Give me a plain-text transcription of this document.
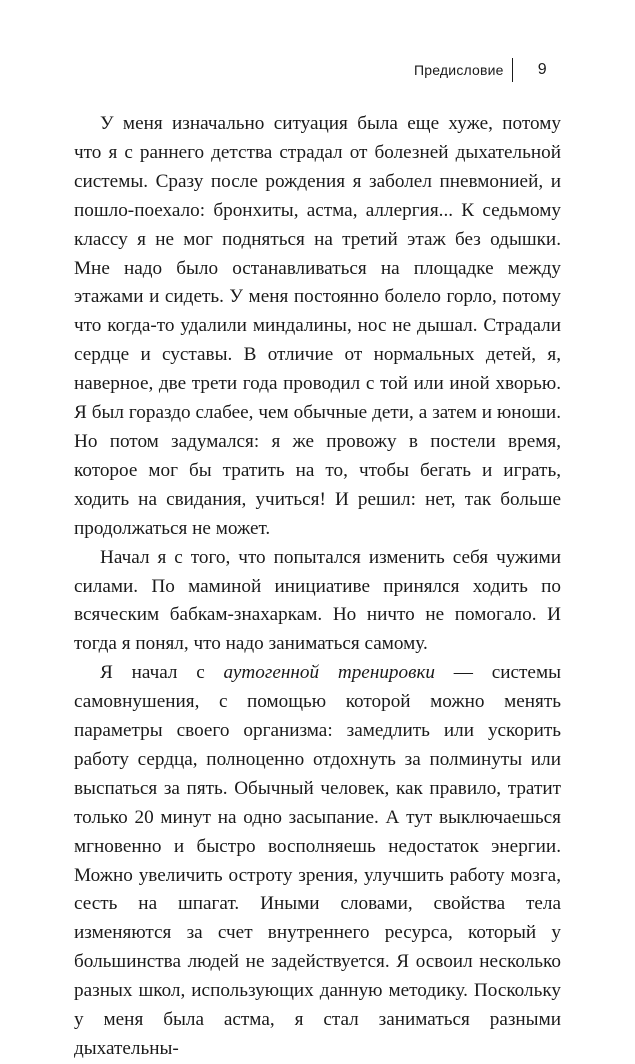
Предисловие 9

У меня изначально ситуация была еще хуже, потому что я с раннего детства страдал от болезней дыхательной системы. Сразу после рождения я заболел пневмонией, и пошло-поехало: бронхиты, астма, аллергия... К седьмому классу я не мог подняться на третий этаж без одышки. Мне надо было останавливаться на площадке между этажами и сидеть. У меня постоянно болело горло, потому что когда-то удалили миндалины, нос не дышал. Страдали сердце и суставы. В отличие от нормальных детей, я, наверное, две трети года проводил с той или иной хворью. Я был гораздо слабее, чем обычные дети, а затем и юноши. Но потом задумался: я же провожу в постели время, которое мог бы тратить на то, чтобы бегать и играть, ходить на свидания, учиться! И решил: нет, так больше продолжаться не может.

Начал я с того, что попытался изменить себя чужими силами. По маминой инициативе принялся ходить по всяческим бабкам-знахаркам. Но ничто не помогало. И тогда я понял, что надо заниматься самому.

Я начал с аутогенной тренировки — системы самовнушения, с помощью которой можно менять параметры своего организма: замедлить или ускорить работу сердца, полноценно отдохнуть за полминуты или выспаться за пять. Обычный человек, как правило, тратит только 20 минут на одно засыпание. А тут выключаешься мгновенно и быстро восполняешь недостаток энергии. Можно увеличить остроту зрения, улучшить работу мозга, сесть на шпагат. Иными словами, свойства тела изменяются за счет внутреннего ресурса, который у большинства людей не задействуется. Я освоил несколько разных школ, использующих данную методику. Поскольку у меня была астма, я стал заниматься разными дыхательны-
